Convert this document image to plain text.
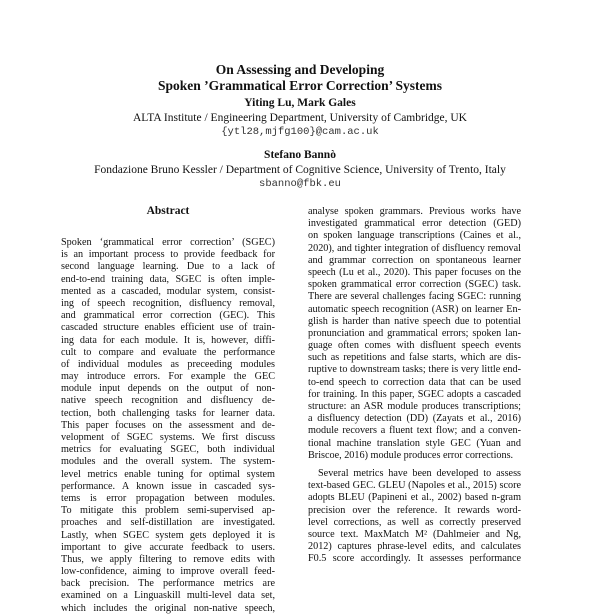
On Assessing and Developing
Spoken ’Grammatical Error Correction’ Systems
Yiting Lu, Mark Gales
ALTA Institute / Engineering Department, University of Cambridge, UK
{ytl28,mjfg100}@cam.ac.uk
Stefano Bannò
Fondazione Bruno Kessler / Department of Cognitive Science, University of Trento, Italy
sbanno@fbk.eu
Abstract
Spoken ‘grammatical error correction’ (SGEC)
is an important process to provide feedback for
second language learning. Due to a lack of
end-to-end training data, SGEC is often imple-
mented as a cascaded, modular system, consist-
ing of speech recognition, disfluency removal,
and grammatical error correction (GEC). This
cascaded structure enables efficient use of train-
ing data for each module. It is, however, diffi-
cult to compare and evaluate the performance
of individual modules as preceeding modules
may introduce errors. For example the GEC
module input depends on the output of non-
native speech recognition and disfluency de-
tection, both challenging tasks for learner data.
This paper focuses on the assessment and de-
velopment of SGEC systems. We first discuss
metrics for evaluating SGEC, both individual
modules and the overall system. The system-
level metrics enable tuning for optimal system
performance. A known issue in cascaded sys-
tems is error propagation between modules.
To mitigate this problem semi-supervised ap-
proaches and self-distillation are investigated.
Lastly, when SGEC system gets deployed it is
important to give accurate feedback to users.
Thus, we apply filtering to remove edits with
low-confidence, aiming to improve overall feed-
back precision. The performance metrics are
examined on a Linguaskill multi-level data set,
which includes the original non-native speech,
analyse spoken grammars. Previous works have
investigated grammatical error detection (GED)
on spoken language transcriptions (Caines et al.,
2020), and tighter integration of disfluency removal
and grammar correction on spontaneous learner
speech (Lu et al., 2020). This paper focuses on the
spoken grammatical error correction (SGEC) task.
There are several challenges facing SGEC: running
automatic speech recognition (ASR) on learner En-
glish is harder than native speech due to potential
pronunciation and grammatical errors; spoken lan-
guage often comes with disfluent speech events
such as repetitions and false starts, which are dis-
ruptive to downstream tasks; there is very little end-
to-end speech to correction data that can be used
for training. In this paper, SGEC adopts a cascaded
structure: an ASR module produces transcriptions;
a disfluency detection (DD) (Zayats et al., 2016)
module recovers a fluent text flow; and a conven-
tional machine translation style GEC (Yuan and
Briscoe, 2016) module produces error corrections.
Several metrics have been developed to assess
text-based GEC. GLEU (Napoles et al., 2015) score
adopts BLEU (Papineni et al., 2002) based n-gram
precision over the reference. It rewards word-
level corrections, as well as correctly preserved
source text. MaxMatch M² (Dahlmeier and Ng,
2012) captures phrase-level edits, and calculates
F0.5 score accordingly. It assesses performance
